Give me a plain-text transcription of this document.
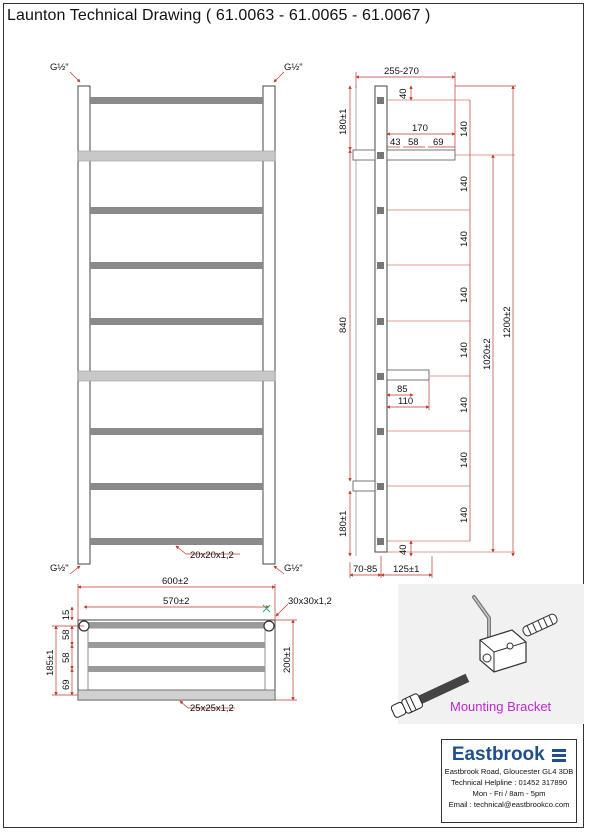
Launton Technical Drawing ( 61.0063 - 61.0065 - 61.0067 )
G½"	G½"
G½"	G½"
20x20x1,2
255-270
40
180±1	170
43 58 69
140
140
140
140
140
140
140
140
840
1020±2
1200±2
85
110
180±1
40
70-85 125±1
600±2
570±2	30x30x1,2
15
58
58
69
185±1	200±1
25x25x1,2	Mounting Bracket
Eastbrook
Eastbrook Road, Gloucester GL4 3DB
Technical Helpline : 01452 317890
Mon - Fri / 8am - 5pm
Email : technical@eastbrookco.com
